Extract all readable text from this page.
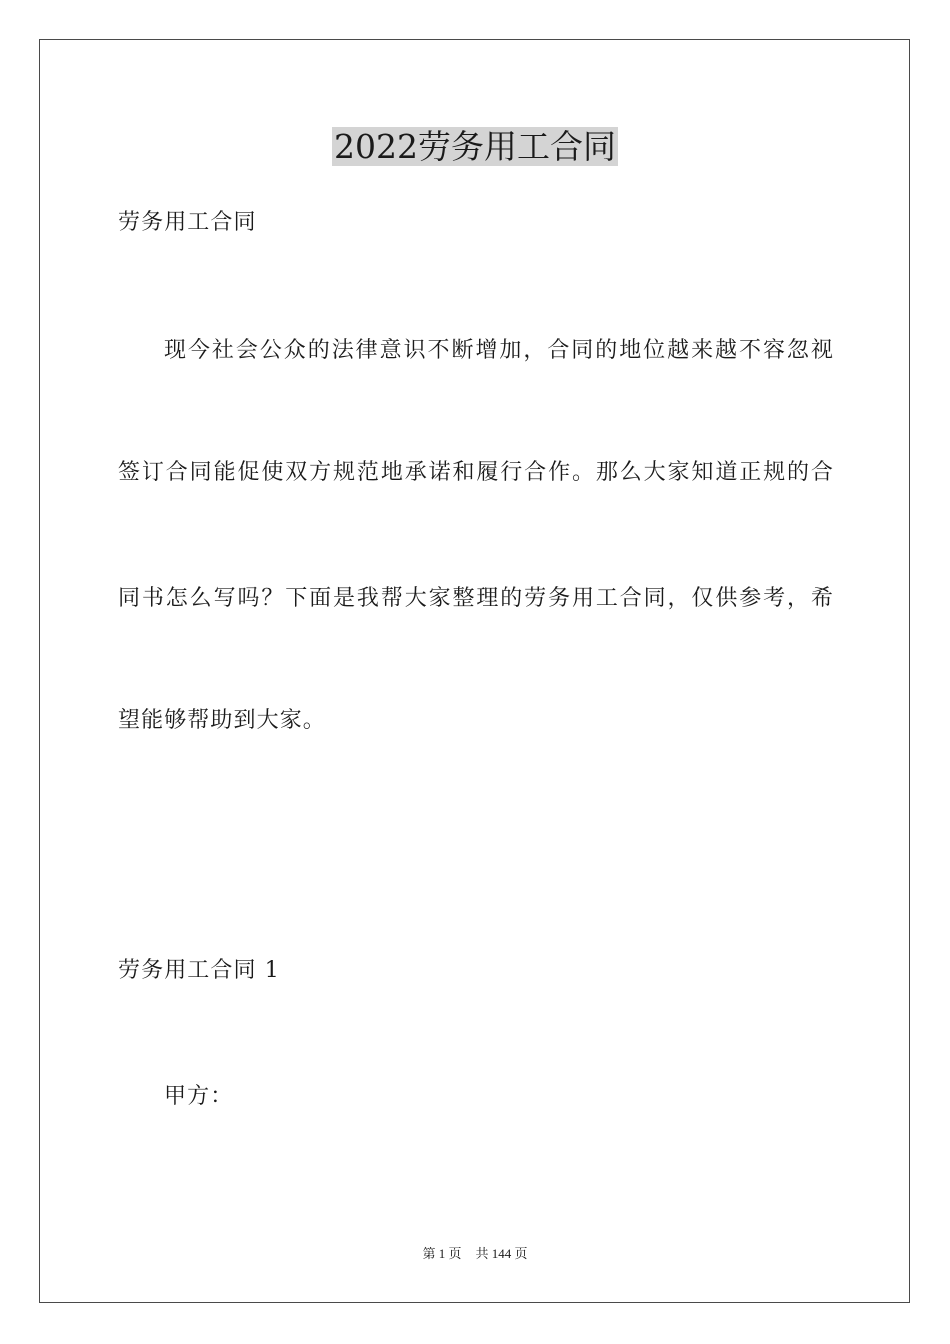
2022劳务用工合同
劳务用工合同
现今社会公众的法律意识不断增加，合同的地位越来越不容忽视
签订合同能促使双方规范地承诺和履行合作。那么大家知道正规的合
同书怎么写吗？下面是我帮大家整理的劳务用工合同，仅供参考，希
望能够帮助到大家。
劳务用工合同 1
甲方：
第 1 页 共 144 页
